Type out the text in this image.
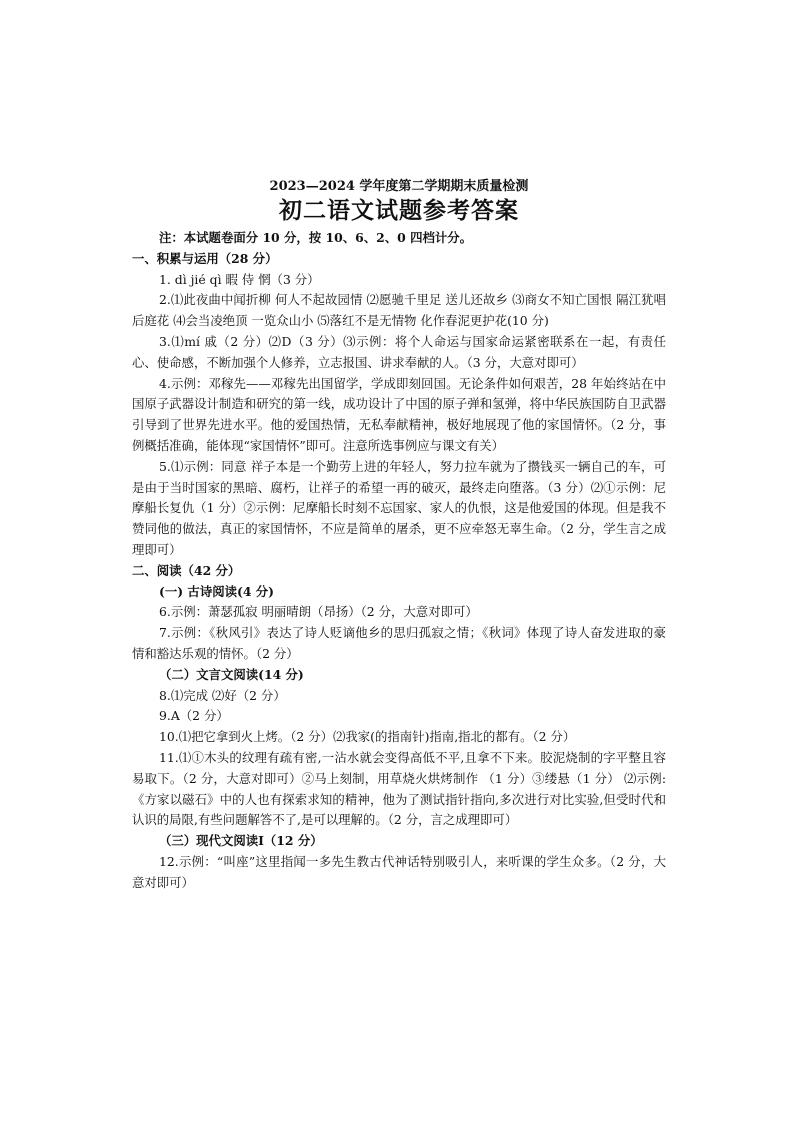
2023—2024 学年度第二学期期末质量检测

初二语文试题参考答案

注：本试题卷面分 10 分，按 10、6、2、0 四档计分。

一、积累与运用（28 分）

1. dì jié qì 暇 侍 惘（3 分）

2.⑴此夜曲中闻折柳 何人不起故园情 ⑵愿驰千里足 送儿还故乡 ⑶商女不知亡国恨 隔江犹唱后庭花 ⑷会当凌绝顶 一览众山小 ⑸落红不是无情物 化作春泥更护花(10 分)

3.⑴mí 戚（2 分）⑵D（3 分）⑶示例：将个人命运与国家命运紧密联系在一起，有责任心、使命感，不断加强个人修养，立志报国、讲求奉献的人。（3 分，大意对即可）

4.示例：邓稼先——邓稼先出国留学，学成即刻回国。无论条件如何艰苦，28 年始终站在中国原子武器设计制造和研究的第一线，成功设计了中国的原子弹和氢弹，将中华民族国防自卫武器引导到了世界先进水平。他的爱国热情，无私奉献精神，极好地展现了他的家国情怀。（2 分，事例概括准确，能体现“家国情怀”即可。注意所选事例应与课文有关）

5.⑴示例：同意 祥子本是一个勤劳上进的年轻人，努力拉车就为了攒钱买一辆自己的车，可是由于当时国家的黑暗、腐朽，让祥子的希望一再的破灭，最终走向堕落。（3 分）⑵①示例：尼摩船长复仇（1 分）②示例：尼摩船长时刻不忘国家、家人的仇恨，这是他爱国的体现。但是我不赞同他的做法，真正的家国情怀，不应是简单的屠杀，更不应牵怒无辜生命。（2 分，学生言之成理即可）

二、阅读（42 分）

(一) 古诗阅读(4 分)

6.示例：萧瑟孤寂 明丽晴朗（昂扬）（2 分，大意对即可）

7.示例：《秋风引》表达了诗人贬谪他乡的思归孤寂之情；《秋词》体现了诗人奋发进取的豪情和豁达乐观的情怀。（2 分）

（二）文言文阅读(14 分)

8.⑴完成 ⑵好（2 分）

9.A（2 分）

10.⑴把它拿到火上烤。（2 分）⑵我家(的指南针)指南,指北的都有。（2 分）

11.⑴①木头的纹理有疏有密,一沾水就会变得高低不平,且拿不下来。胶泥烧制的字平整且容易取下。（2 分，大意对即可）②马上刻制，用草烧火烘烤制作 （1 分）③缕悬（1 分） ⑵示例:《方家以磁石》中的人也有探索求知的精神，他为了测试指针指向,多次进行对比实验,但受时代和认识的局限,有些问题解答不了,是可以理解的。（2 分，言之成理即可）

（三）现代文阅读Ⅰ（12 分）

12.示例：“叫座”这里指闻一多先生教古代神话特别吸引人，来听课的学生众多。（2 分，大意对即可）
